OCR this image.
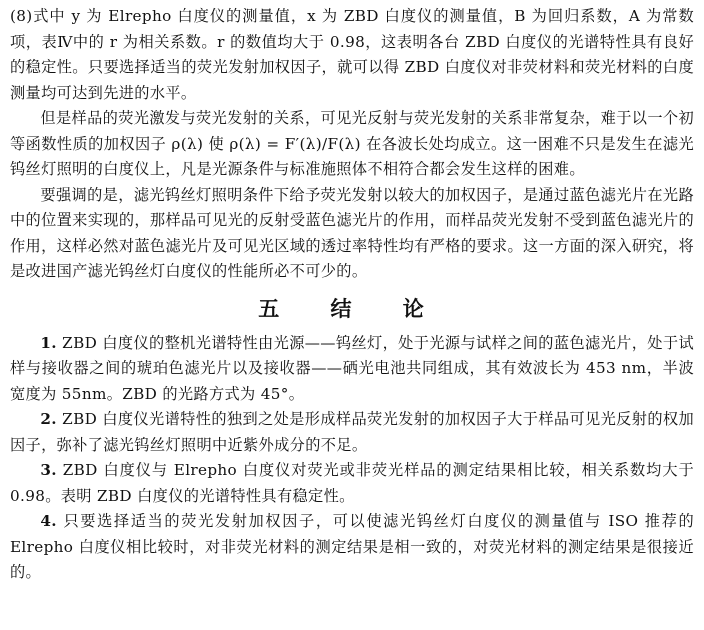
(8)式中 y 为 Elrepho 白度仪的测量值，x 为 ZBD 白度仪的测量值，B 为回归系数，A 为常数项，表Ⅳ中的 r 为相关系数。r 的数值均大于 0.98，这表明各台 ZBD 白度仪的光谱特性具有良好的稳定性。只要选择适当的荧光发射加权因子，就可以得 ZBD 白度仪对非荧材料和荧光材料的白度测量均可达到先进的水平。

但是样品的荧光激发与荧光发射的关系，可见光反射与荧光发射的关系非常复杂，难于以一个初等函数性质的加权因子 ρ(λ) 使 ρ(λ) = F′(λ)/F(λ) 在各波长处均成立。这一困难不只是发生在滤光钨丝灯照明的白度仪上，凡是光源条件与标准施照体不相符合都会发生这样的困难。

要强调的是，滤光钨丝灯照明条件下给予荧光发射以较大的加权因子，是通过蓝色滤光片在光路中的位置来实现的，那样品可见光的反射受蓝色滤光片的作用，而样品荧光发射不受到蓝色滤光片的作用，这样必然对蓝色滤光片及可见光区域的透过率特性均有严格的要求。这一方面的深入研究，将是改进国产滤光钨丝灯白度仪的性能所必不可少的。

五 结 论

1. ZBD 白度仪的整机光谱特性由光源——钨丝灯，处于光源与试样之间的蓝色滤光片，处于试样与接收器之间的琥珀色滤光片以及接收器——硒光电池共同组成，其有效波长为 453 nm，半波宽度为 55nm。ZBD 的光路方式为 45°。

2. ZBD 白度仪光谱特性的独到之处是形成样品荧光发射的加权因子大于样品可见光反射的权加因子，弥补了滤光钨丝灯照明中近紫外成分的不足。

3. ZBD 白度仪与 Elrepho 白度仪对荧光或非荧光样品的测定结果相比较，相关系数均大于 0.98。表明 ZBD 白度仪的光谱特性具有稳定性。

4. 只要选择适当的荧光发射加权因子，可以使滤光钨丝灯白度仪的测量值与 ISO 推荐的 Elrepho 白度仪相比较时，对非荧光材料的测定结果是相一致的，对荧光材料的测定结果是很接近的。
